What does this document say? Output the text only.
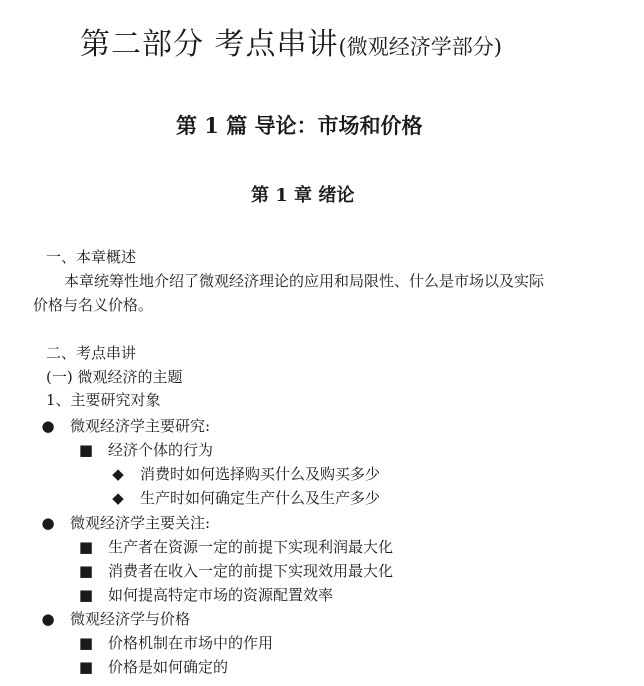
第二部分 考点串讲(微观经济学部分)
第 1 篇 导论：市场和价格
第 1 章 绪论
一、本章概述
本章统筹性地介绍了微观经济理论的应用和局限性、什么是市场以及实际
价格与名义价格。
二、考点串讲
(一) 微观经济的主题
1、主要研究对象
● 微观经济学主要研究:
■ 经济个体的行为
◆ 消费时如何选择购买什么及购买多少
◆ 生产时如何确定生产什么及生产多少
● 微观经济学主要关注:
■ 生产者在资源一定的前提下实现利润最大化
■ 消费者在收入一定的前提下实现效用最大化
■ 如何提高特定市场的资源配置效率
● 微观经济学与价格
■ 价格机制在市场中的作用
■ 价格是如何确定的
